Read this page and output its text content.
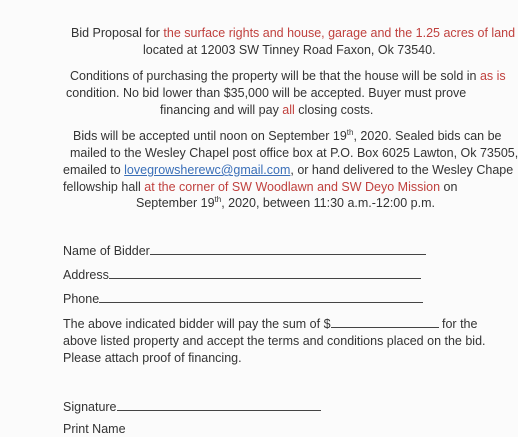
Bid Proposal for the surface rights and house, garage and the 1.25 acres of land
located at 12003 SW Tinney Road Faxon, Ok 73540.
Conditions of purchasing the property will be that the house will be sold in as is
condition. No bid lower than $35,000 will be accepted. Buyer must prove
financing and will pay all closing costs.
Bids will be accepted until noon on September 19th, 2020. Sealed bids can be
mailed to the Wesley Chapel post office box at P.O. Box 6025 Lawton, Ok 73505,
emailed to lovegrowsherewc@gmail.com, or hand delivered to the Wesley Chape
fellowship hall at the corner of SW Woodlawn and SW Deyo Mission on
September 19th, 2020, between 11:30 a.m.-12:00 p.m.
Name of Bidder
Address
Phone
The above indicated bidder will pay the sum of $	for the
above listed property and accept the terms and conditions placed on the bid.
Please attach proof of financing.
Signature
Print Name
